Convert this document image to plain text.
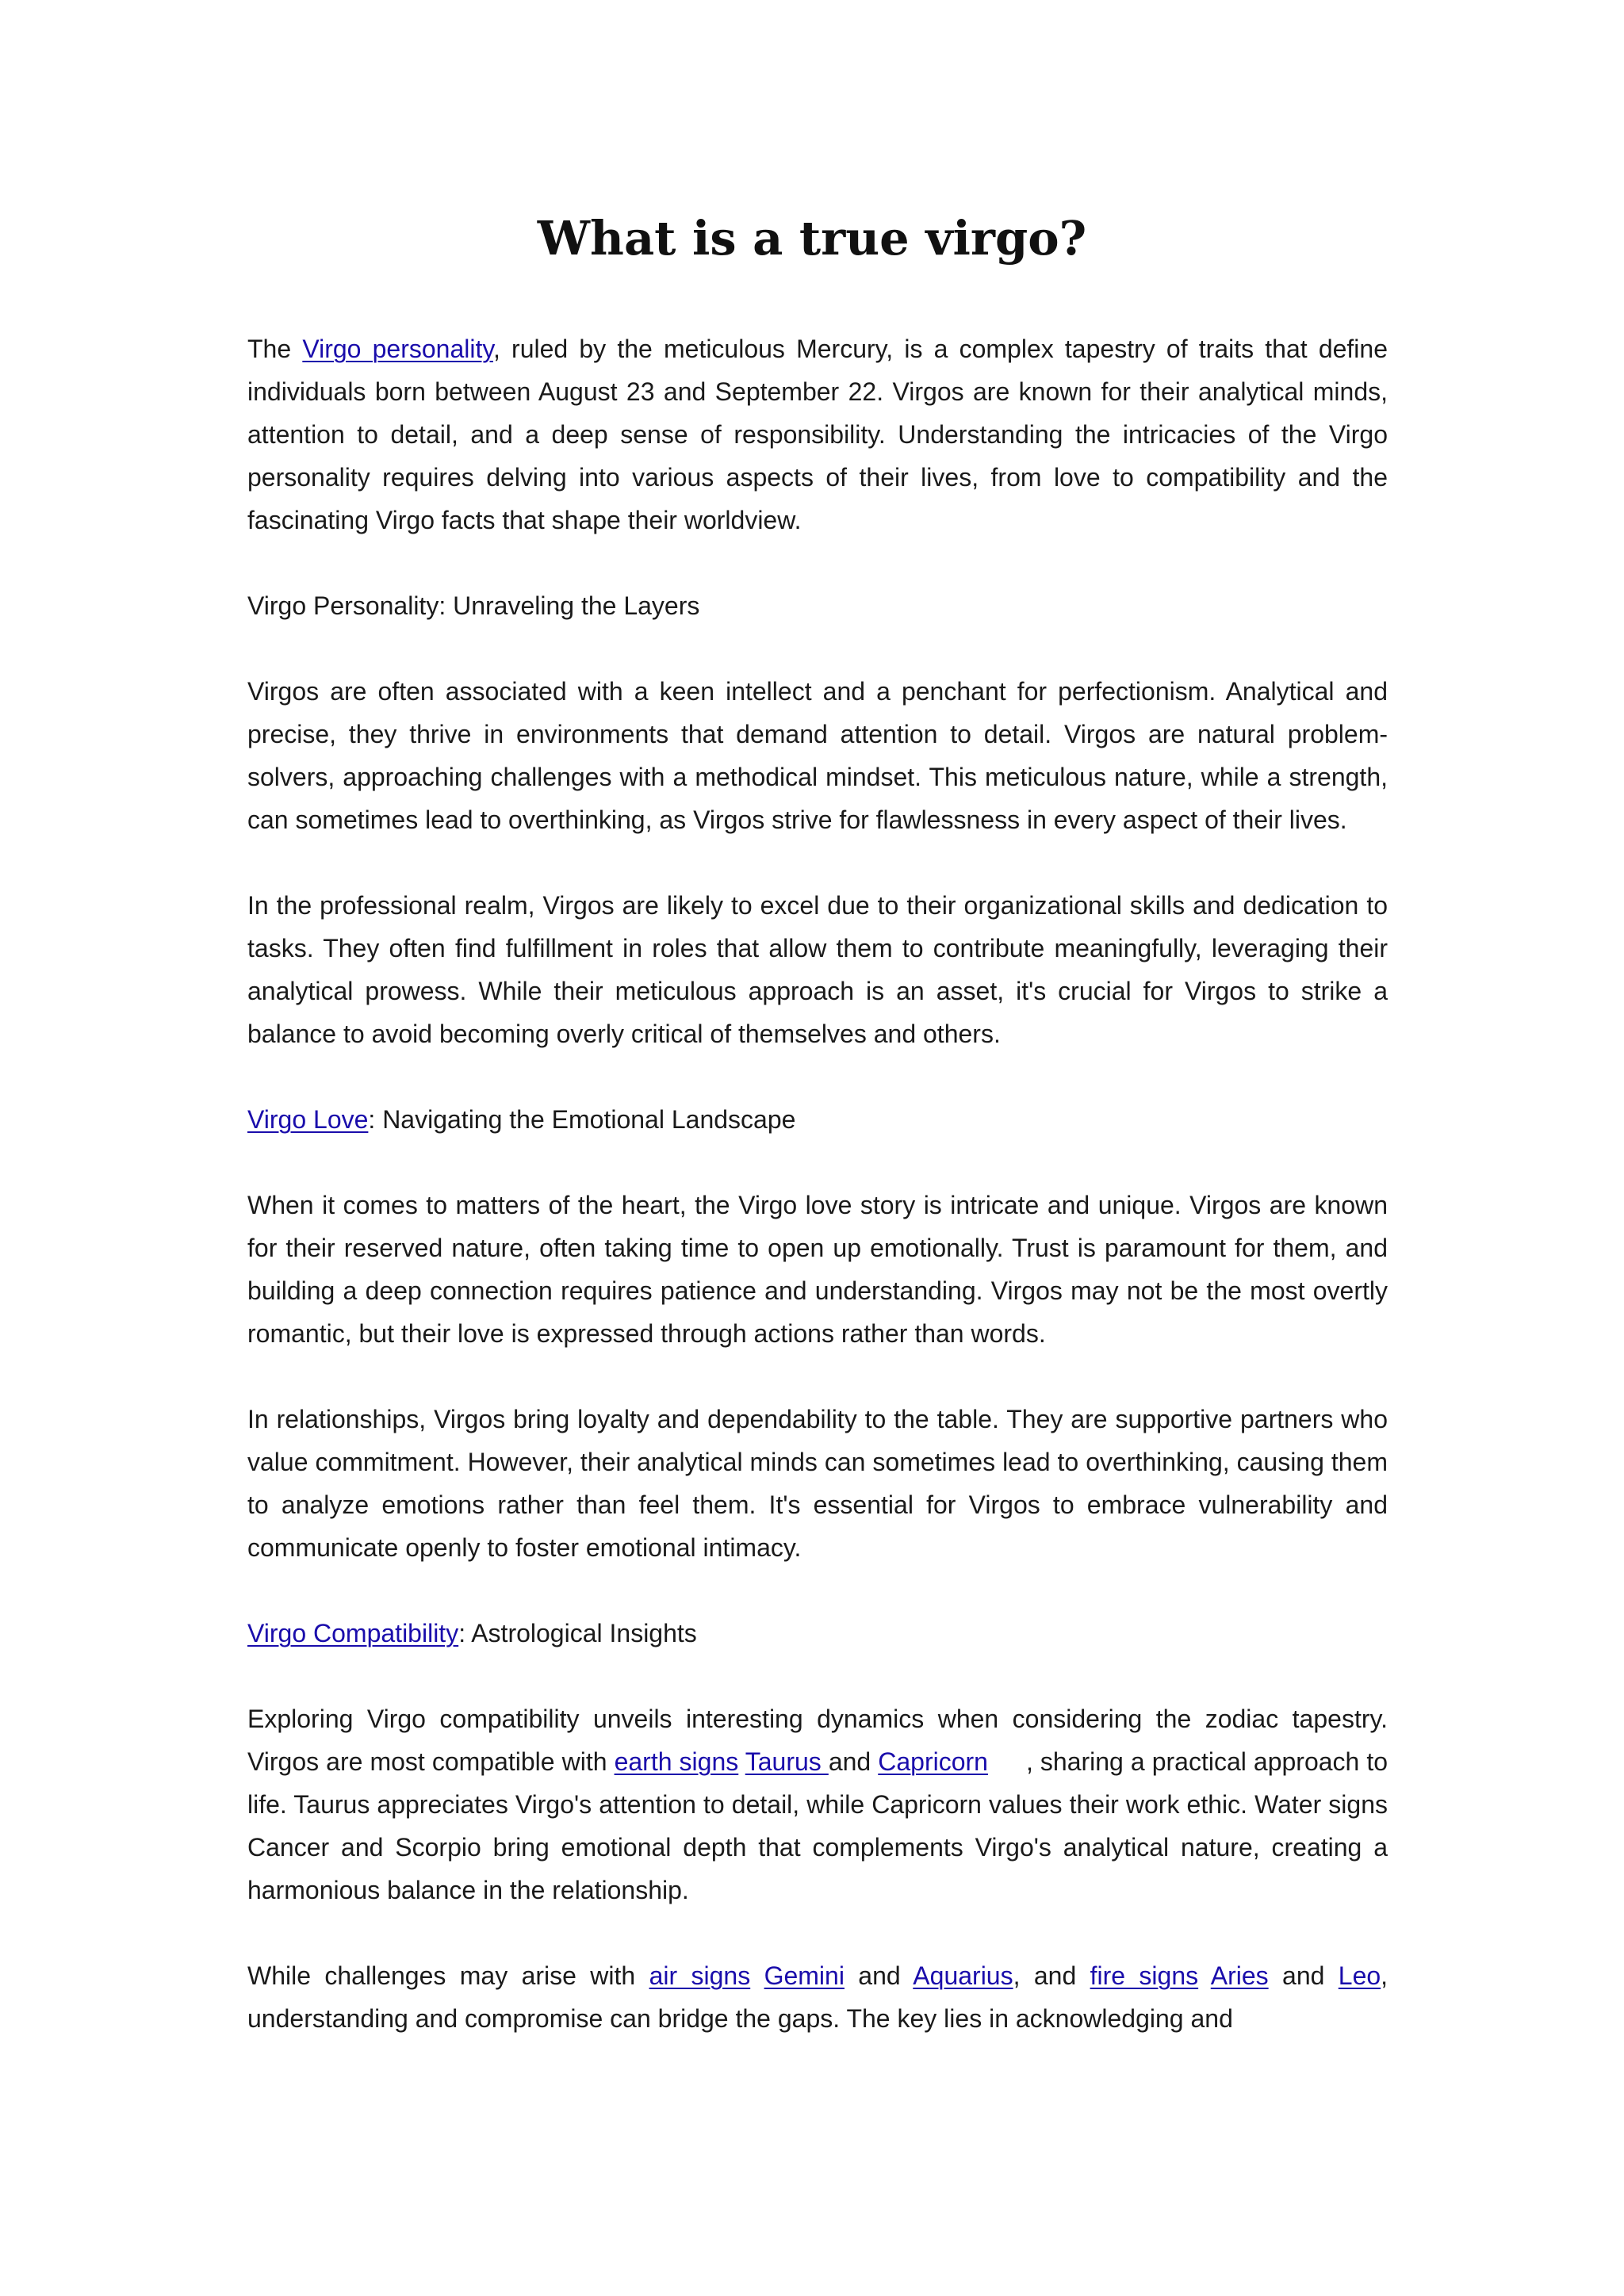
What is a true virgo?

The Virgo personality, ruled by the meticulous Mercury, is a complex tapestry of traits that define individuals born between August 23 and September 22. Virgos are known for their analytical minds, attention to detail, and a deep sense of responsibility. Understanding the intricacies of the Virgo personality requires delving into various aspects of their lives, from love to compatibility and the fascinating Virgo facts that shape their worldview.

Virgo Personality: Unraveling the Layers

Virgos are often associated with a keen intellect and a penchant for perfectionism. Analytical and precise, they thrive in environments that demand attention to detail. Virgos are natural problem-solvers, approaching challenges with a methodical mindset. This meticulous nature, while a strength, can sometimes lead to overthinking, as Virgos strive for flawlessness in every aspect of their lives.

In the professional realm, Virgos are likely to excel due to their organizational skills and dedication to tasks. They often find fulfillment in roles that allow them to contribute meaningfully, leveraging their analytical prowess. While their meticulous approach is an asset, it's crucial for Virgos to strike a balance to avoid becoming overly critical of themselves and others.

Virgo Love: Navigating the Emotional Landscape

When it comes to matters of the heart, the Virgo love story is intricate and unique. Virgos are known for their reserved nature, often taking time to open up emotionally. Trust is paramount for them, and building a deep connection requires patience and understanding. Virgos may not be the most overtly romantic, but their love is expressed through actions rather than words.

In relationships, Virgos bring loyalty and dependability to the table. They are supportive partners who value commitment. However, their analytical minds can sometimes lead to overthinking, causing them to analyze emotions rather than feel them. It's essential for Virgos to embrace vulnerability and communicate openly to foster emotional intimacy.

Virgo Compatibility: Astrological Insights

Exploring Virgo compatibility unveils interesting dynamics when considering the zodiac tapestry. Virgos are most compatible with earth signs Taurus and Capricorn , sharing a practical approach to life. Taurus appreciates Virgo's attention to detail, while Capricorn values their work ethic. Water signs Cancer and Scorpio bring emotional depth that complements Virgo's analytical nature, creating a harmonious balance in the relationship.

While challenges may arise with air signs Gemini and Aquarius, and fire signs Aries and Leo, understanding and compromise can bridge the gaps. The key lies in acknowledging and
